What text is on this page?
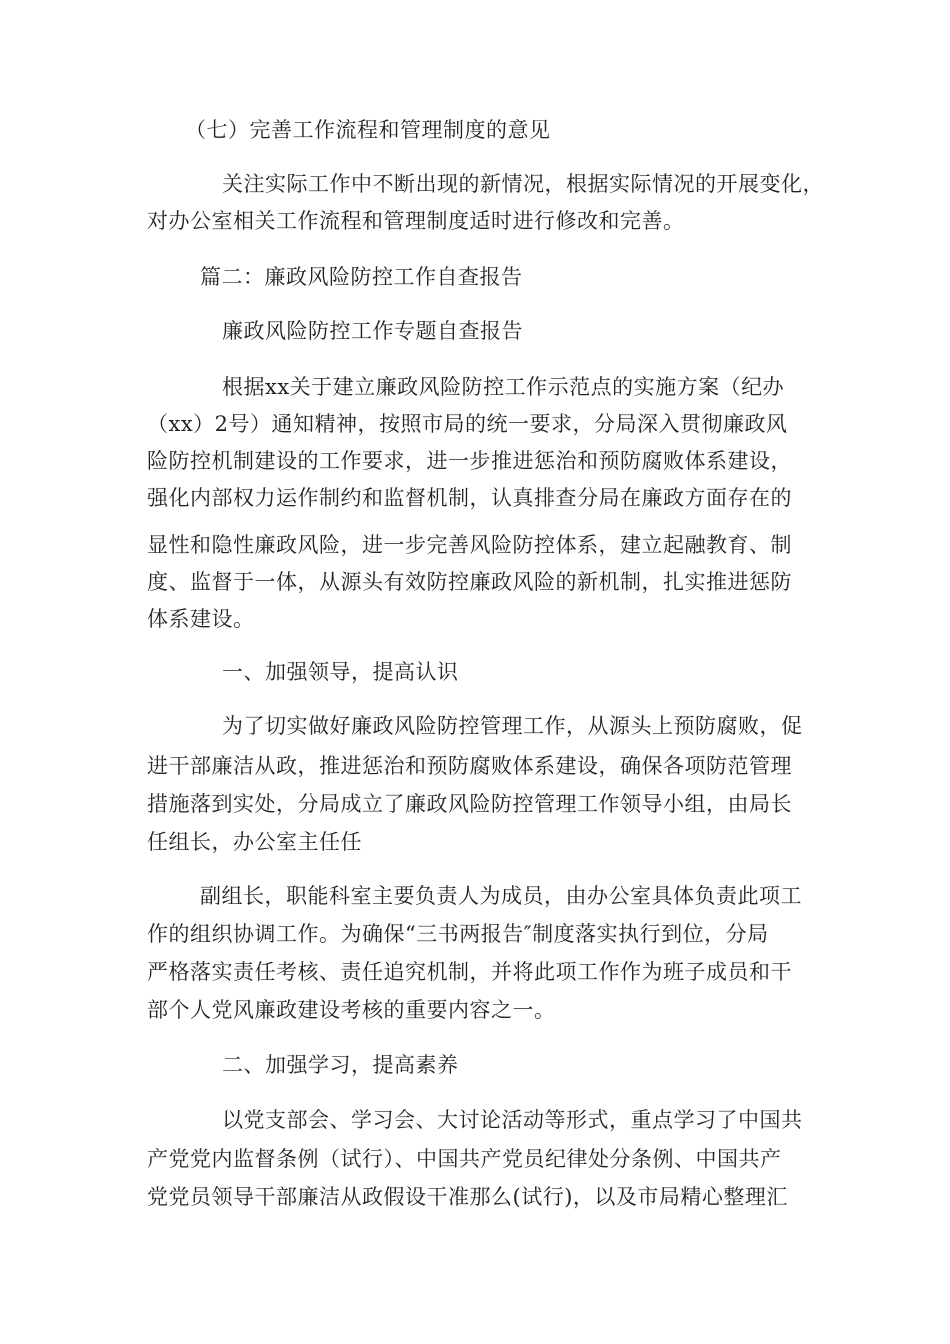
（七）完善工作流程和管理制度的意见
关注实际工作中不断出现的新情况，根据实际情况的开展变化，
对办公室相关工作流程和管理制度适时进行修改和完善。
篇二：廉政风险防控工作自查报告
廉政风险防控工作专题自查报告
根据xx关于建立廉政风险防控工作示范点的实施方案（纪办
（xx）2号）通知精神，按照市局的统一要求，分局深入贯彻廉政风
险防控机制建设的工作要求，进一步推进惩治和预防腐败体系建设，
强化内部权力运作制约和监督机制，认真排查分局在廉政方面存在的
显性和隐性廉政风险，进一步完善风险防控体系，建立起融教育、制
度、监督于一体，从源头有效防控廉政风险的新机制，扎实推进惩防
体系建设。
一、加强领导，提高认识
为了切实做好廉政风险防控管理工作，从源头上预防腐败，促
进干部廉洁从政，推进惩治和预防腐败体系建设，确保各项防范管理
措施落到实处，分局成立了廉政风险防控管理工作领导小组，由局长
任组长，办公室主任任
副组长，职能科室主要负责人为成员，由办公室具体负责此项工
作的组织协调工作。为确保“三书两报告″制度落实执行到位，分局
严格落实责任考核、责任追究机制，并将此项工作作为班子成员和干
部个人党风廉政建设考核的重要内容之一。
二、加强学习，提高素养
以党支部会、学习会、大讨论活动等形式，重点学习了中国共
产党党内监督条例（试行）、中国共产党员纪律处分条例、中国共产
党党员领导干部廉洁从政假设干准那么(试行)，以及市局精心整理汇
